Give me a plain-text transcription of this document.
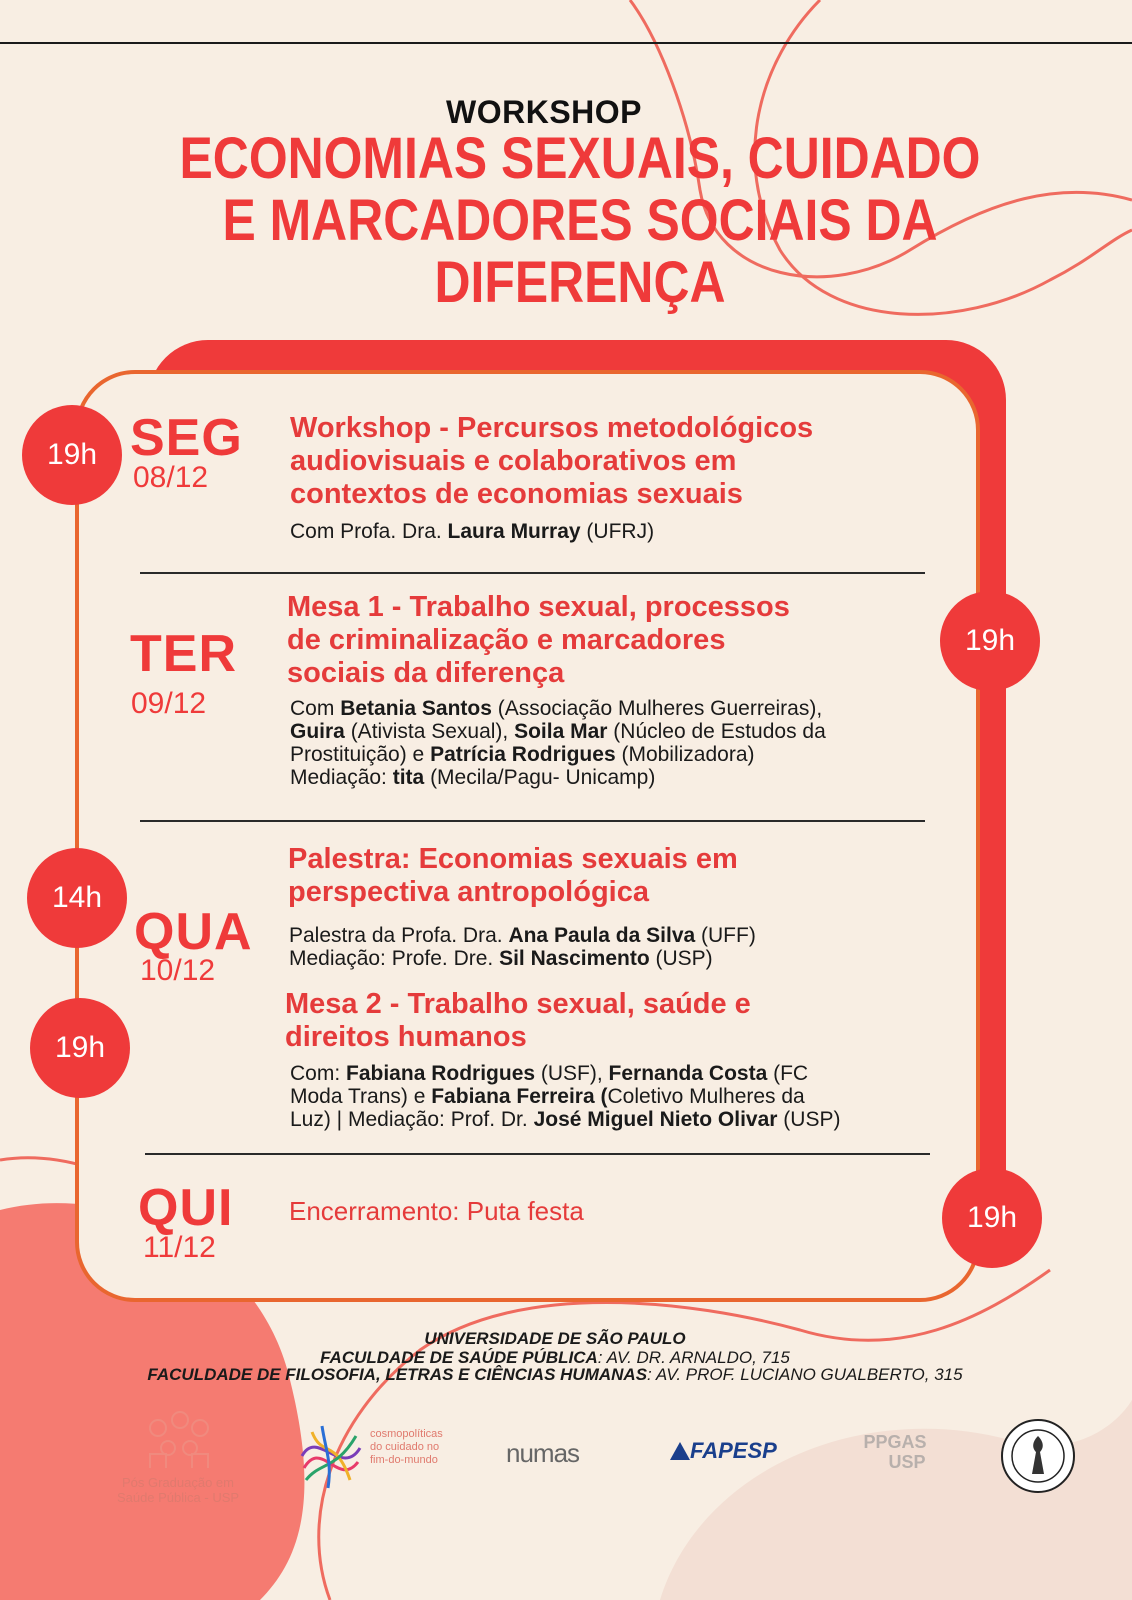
WORKSHOP
ECONOMIAS SEXUAIS, CUIDADO
E MARCADORES SOCIAIS DA
DIFERENÇA
19h SEG
08/12
Workshop - Percursos metodológicos
audiovisuais e colaborativos em
contextos de economias sexuais
Com Profa. Dra. Laura Murray (UFRJ)
19h
TER
09/12
Mesa 1 - Trabalho sexual, processos
de criminalização e marcadores
sociais da diferença
Com Betania Santos (Associação Mulheres Guerreiras),
Guira (Ativista Sexual), Soila Mar (Núcleo de Estudos da
Prostituição) e Patrícia Rodrigues (Mobilizadora)
Mediação: tita (Mecila/Pagu- Unicamp)
14h
19h
QUA
10/12
Palestra: Economias sexuais em
perspectiva antropológica
Palestra da Profa. Dra. Ana Paula da Silva (UFF)
Mediação: Profe. Dre. Sil Nascimento (USP)
Mesa 2 - Trabalho sexual, saúde e
direitos humanos
Com: Fabiana Rodrigues (USF), Fernanda Costa (FC
Moda Trans) e Fabiana Ferreira (Coletivo Mulheres da
Luz) | Mediação: Prof. Dr. José Miguel Nieto Olivar (USP)
19h
QUI
11/12
Encerramento: Puta festa
UNIVERSIDADE DE SÃO PAULO
FACULDADE DE SAÚDE PÚBLICA: AV. DR. ARNALDO, 715
FACULDADE DE FILOSOFIA, LETRAS E CIÊNCIAS HUMANAS: AV. PROF. LUCIANO GUALBERTO, 315
Pós Graduação em
Saúde Pública - USP
cosmopolíticas
do cuidado no
fim-do-mundo	numas	FAPESP	PPGAS
USP
